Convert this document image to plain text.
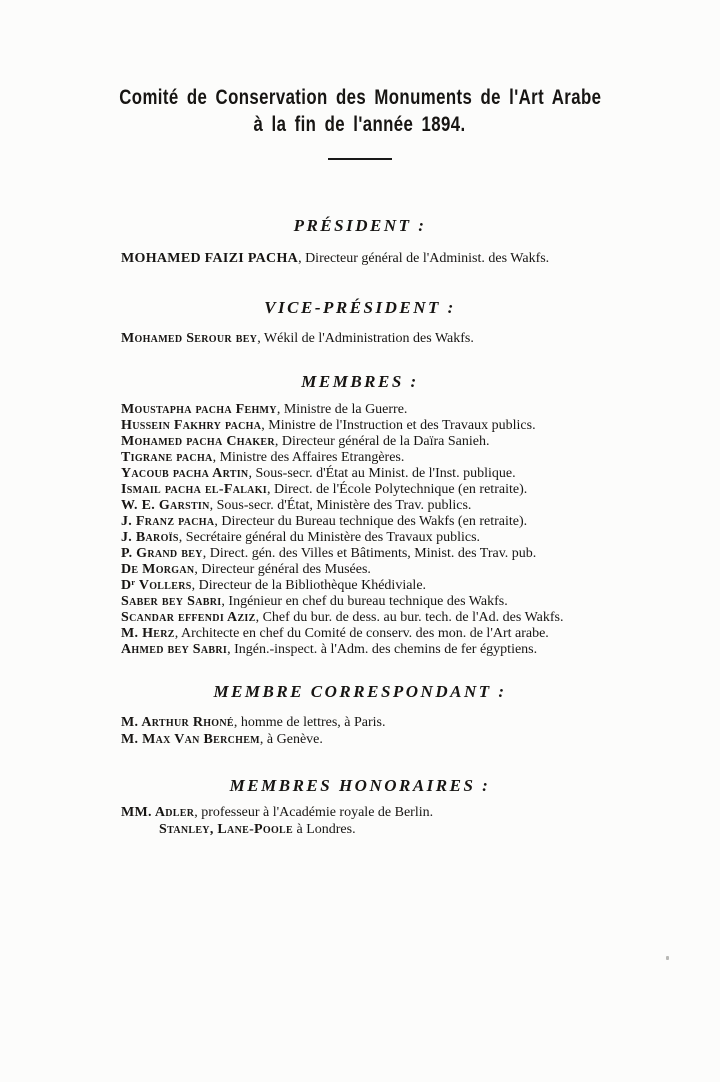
Comité de Conservation des Monuments de l'Art Arabe
à la fin de l'année 1894.
PRÉSIDENT :
MOHAMED FAIZI PACHA, Directeur général de l'Administ. des Wakfs.
VICE-PRÉSIDENT :
Mohamed Serour bey, Wékil de l'Administration des Wakfs.
MEMBRES :
Moustapha pacha Fehmy, Ministre de la Guerre.
Hussein Fakhry pacha, Ministre de l'Instruction et des Travaux publics.
Mohamed pacha Chaker, Directeur général de la Daïra Sanieh.
Tigrane pacha, Ministre des Affaires Etrangères.
Yacoub pacha Artin, Sous-secr. d'État au Minist. de l'Inst. publique.
Ismail pacha el-Falaki, Direct. de l'École Polytechnique (en retraite).
W. E. Garstin, Sous-secr. d'État, Ministère des Trav. publics.
J. Franz pacha, Directeur du Bureau technique des Wakfs (en retraite).
J. Baroïs, Secrétaire général du Ministère des Travaux publics.
P. Grand bey, Direct. gén. des Villes et Bâtiments, Minist. des Trav. pub.
De Morgan, Directeur général des Musées.
Dʳ Vollers, Directeur de la Bibliothèque Khédiviale.
Saber bey Sabri, Ingénieur en chef du bureau technique des Wakfs.
Scandar effendi Aziz, Chef du bur. de dess. au bur. tech. de l'Ad. des Wakfs.
M. Herz, Architecte en chef du Comité de conserv. des mon. de l'Art arabe.
Ahmed bey Sabri, Ingén.-inspect. à l'Adm. des chemins de fer égyptiens.
MEMBRE CORRESPONDANT :
M. Arthur Rhoné, homme de lettres, à Paris.
M. Max Van Berchem, à Genève.
MEMBRES HONORAIRES :
MM. Adler, professeur à l'Académie royale de Berlin.
Stanley, Lane-Poole à Londres.
